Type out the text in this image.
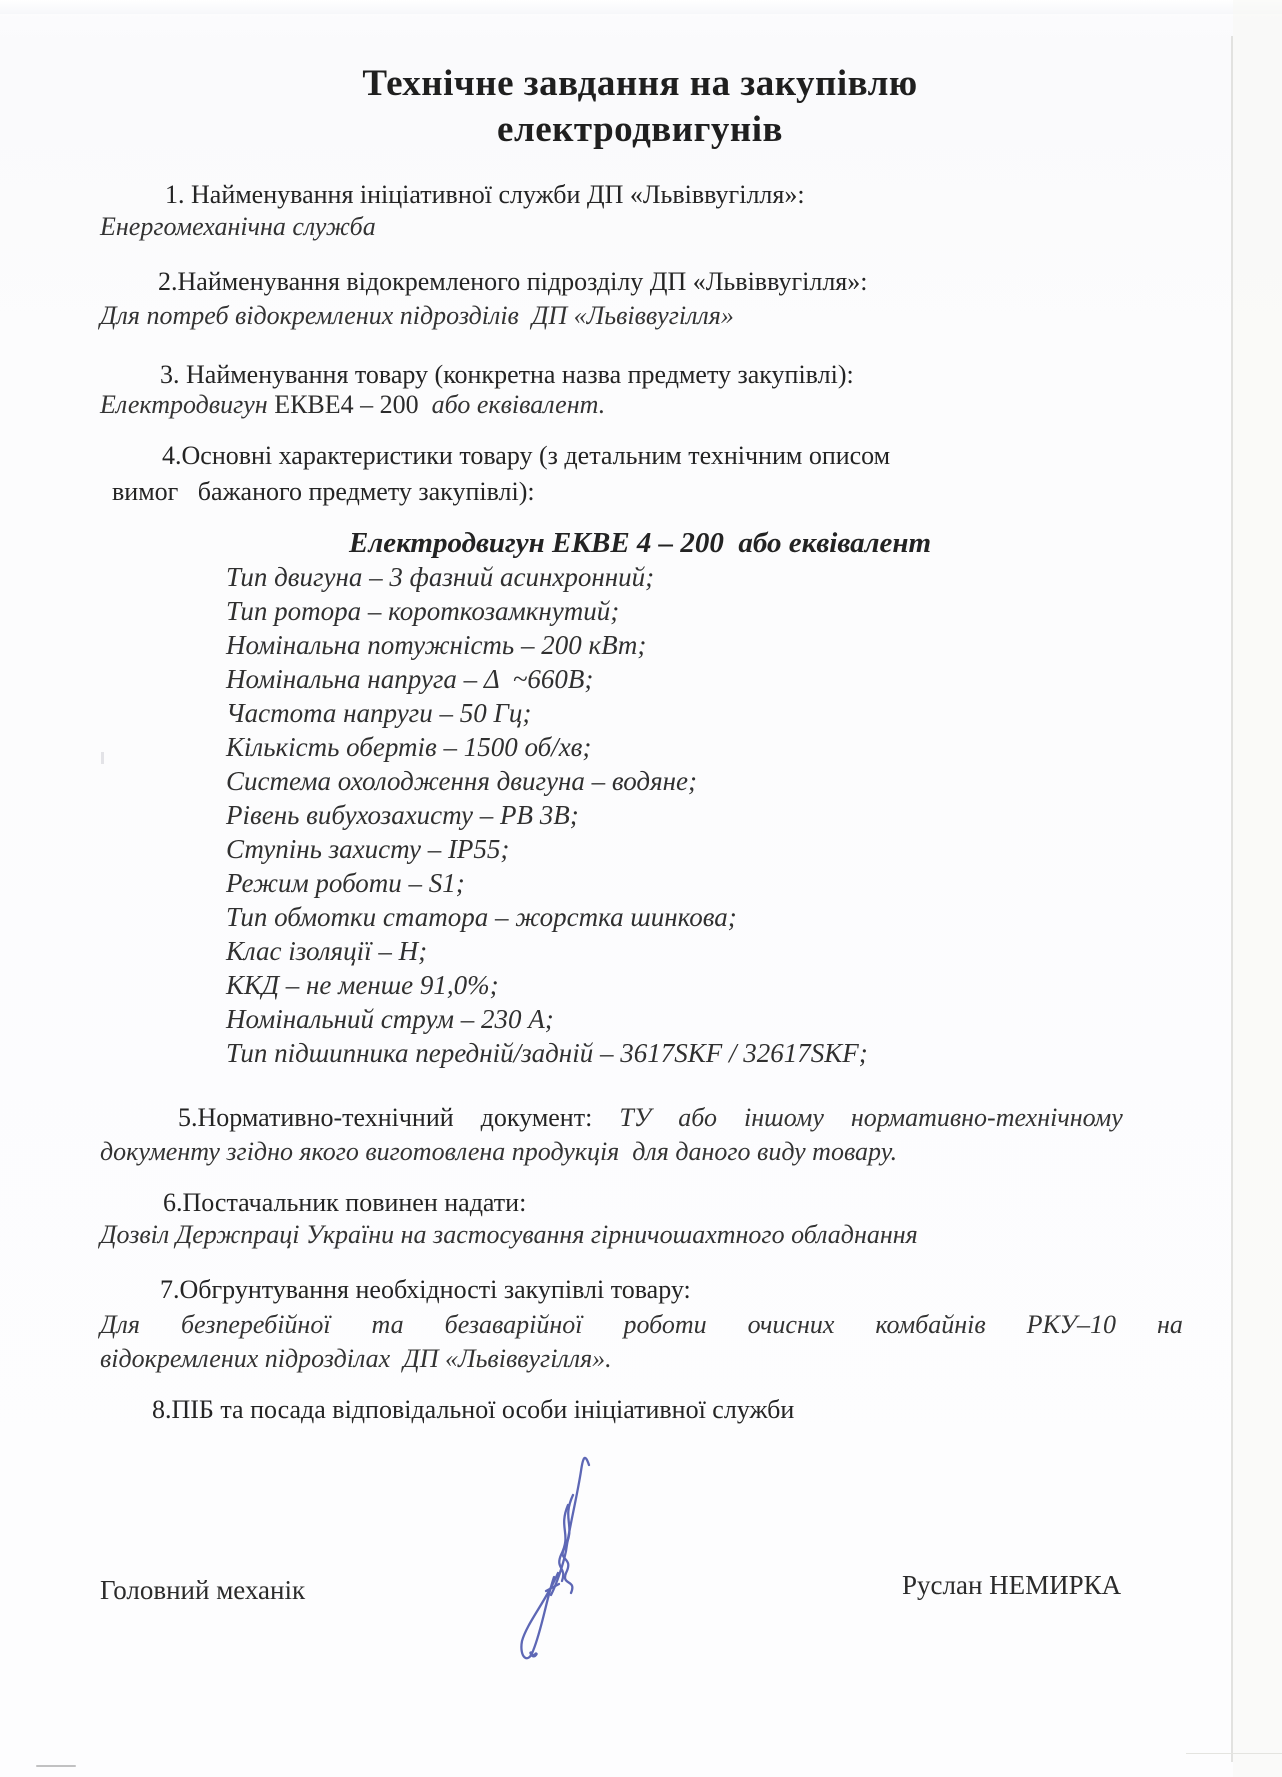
Технічне завдання на закупівлю
електродвигунів
1. Найменування ініціативної служби ДП «Львіввугілля»:
Енергомеханічна служба
2.Найменування відокремленого підрозділу ДП «Львіввугілля»:
Для потреб відокремлених підрозділів  ДП «Львіввугілля»
3. Найменування товару (конкретна назва предмету закупівлі):
Електродвигун ЕКВЕ4 – 200  або еквівалент.
4.Основні характеристики товару (з детальним технічним описом
вимог   бажаного предмету закупівлі):
Електродвигун ЕКВЕ 4 – 200  або еквівалент
Тип двигуна – 3 фазний асинхронний;
Тип ротора – короткозамкнутий;
Номінальна потужність – 200 кВт;
Номінальна напруга – Δ  ~660В;
Частота напруги – 50 Гц;
Кількість обертів – 1500 об/хв;
Система охолодження двигуна – водяне;
Рівень вибухозахисту – РВ 3В;
Ступінь захисту – ІР55;
Режим роботи – S1;
Тип обмотки статора – жорстка шинкова;
Клас ізоляції – Н;
ККД – не менше 91,0%;
Номінальний струм – 230 А;
Тип підшипника передній/задній – 3617SKF / 32617SKF;
5.Нормативно-технічний  документ:  ТУ  або  іншому  нормативно-технічному
документу згідно якого виготовлена продукція  для даного виду товару.
6.Постачальник повинен надати:
Дозвіл Держпраці України на застосування гірничошахтного обладнання
7.Обгрунтування необхідності закупівлі товару:
Для  безперебійної  та  безаварійної  роботи  очисних  комбайнів  РКУ–10  на
відокремлених підрозділах  ДП «Львіввугілля».
8.ПІБ та посада відповідальної особи ініціативної служби
Головний механік	Руслан НЕМИРКА
